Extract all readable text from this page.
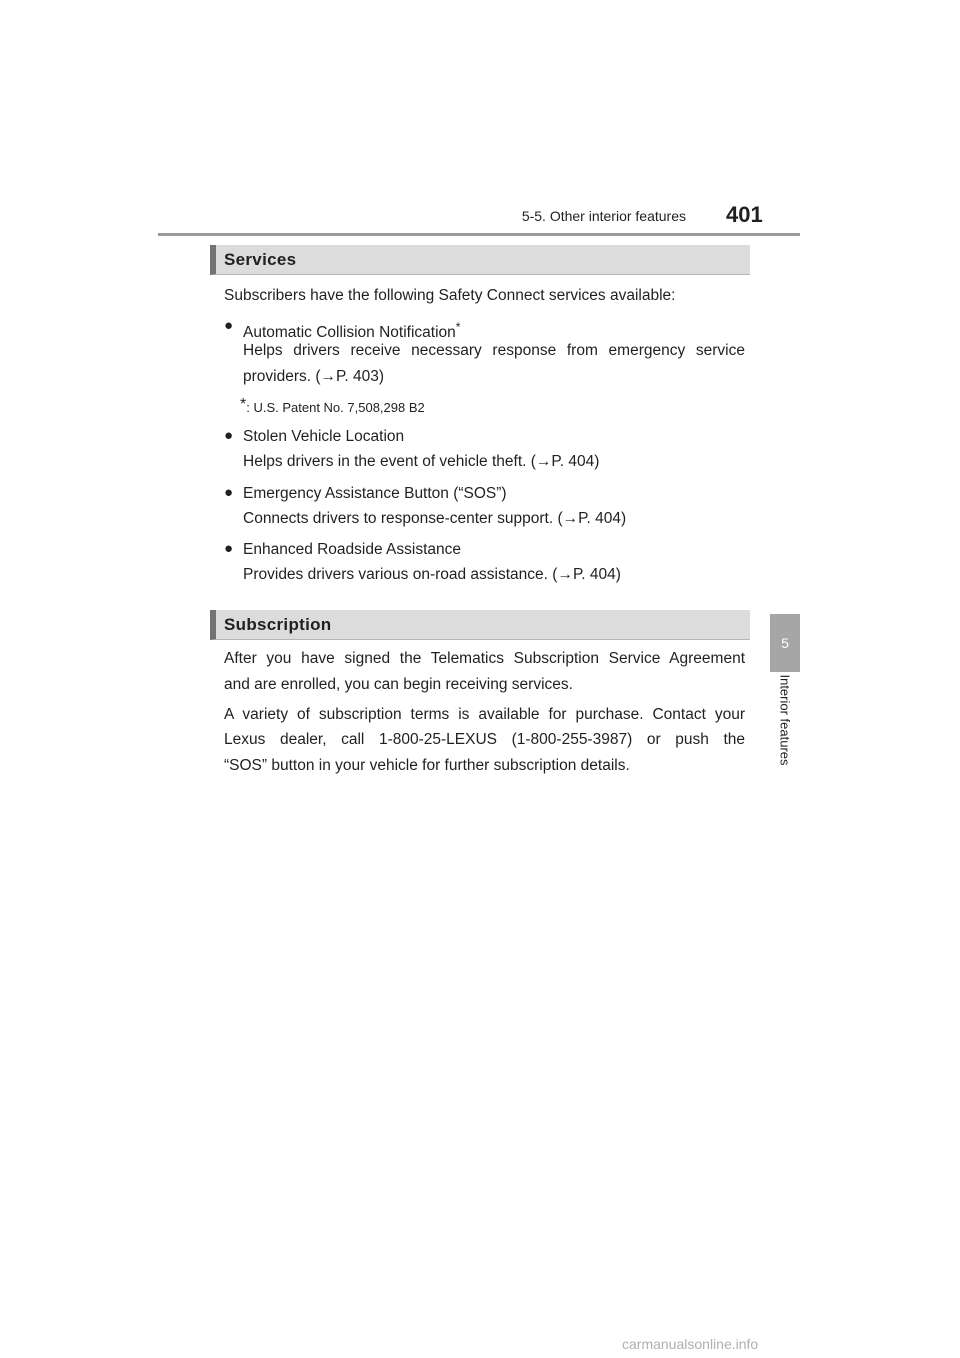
5-5. Other interior features 401
5
Interior features
Services
Subscribers have the following Safety Connect services available:
● Automatic Collision Notification*
Helps drivers receive necessary response from emergency service
providers. (→P. 403)
*: U.S. Patent No. 7,508,298 B2
● Stolen Vehicle Location
Helps drivers in the event of vehicle theft. (→P. 404)
● Emergency Assistance Button (“SOS”)
Connects drivers to response-center support. (→P. 404)
● Enhanced Roadside Assistance
Provides drivers various on-road assistance. (→P. 404)
Subscription
After you have signed the Telematics Subscription Service Agreement
and are enrolled, you can begin receiving services.
A variety of subscription terms is available for purchase. Contact your
Lexus dealer, call 1-800-25-LEXUS (1-800-255-3987) or push the
“SOS” button in your vehicle for further subscription details.
carmanualsonline.info
